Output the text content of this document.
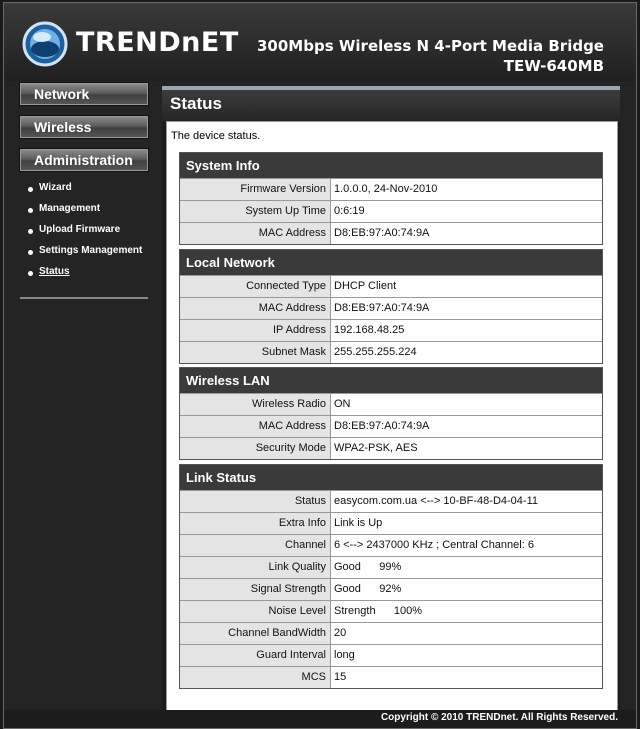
TRENDnET 300Mbps Wireless N 4-Port Media Bridge
TEW-640MB
Network
Wireless
Administration
Wizard
Management
Upload Firmware
Settings Management
Status
Status
The device status.
System Info
Firmware Version 1.0.0.0, 24-Nov-2010
System Up Time 0:6:19
MAC Address D8:EB:97:A0:74:9A
Local Network
Connected Type DHCP Client
MAC Address D8:EB:97:A0:74:9A
IP Address 192.168.48.25
Subnet Mask 255.255.255.224
Wireless LAN
Wireless Radio ON
MAC Address D8:EB:97:A0:74:9A
Security Mode WPA2-PSK, AES
Link Status
Status easycom.com.ua <--> 10-BF-48-D4-04-11
Extra Info Link is Up
Channel 6 <--> 2437000 KHz ; Central Channel: 6
Link Quality Good      99%
Signal Strength Good      92%
Noise Level Strength      100%
Channel BandWidth 20
Guard Interval long
MCS 15
Copyright © 2010 TRENDnet. All Rights Reserved.
